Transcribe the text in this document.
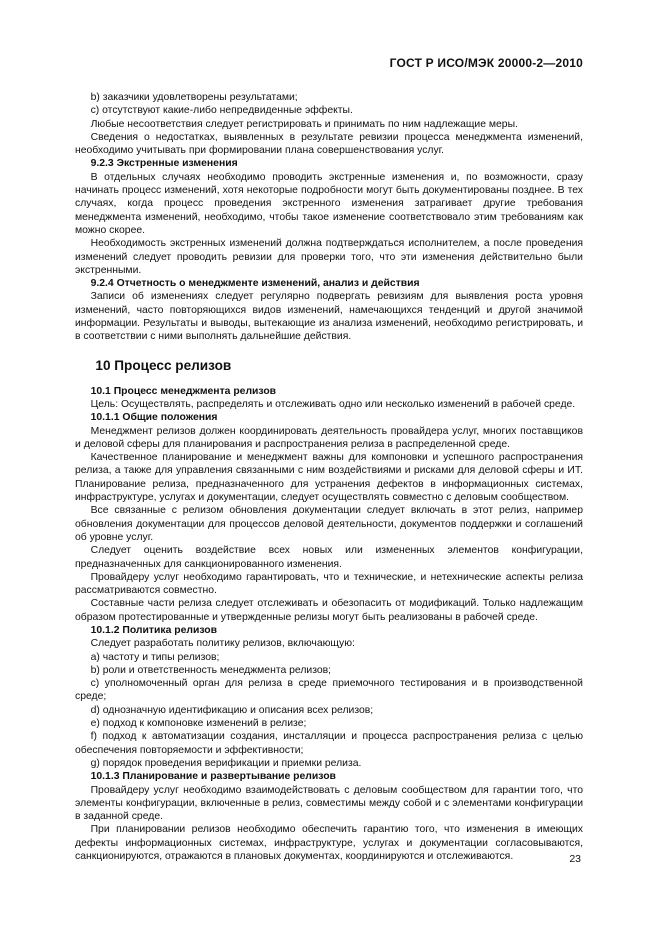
ГОСТ Р ИСО/МЭК 20000-2—2010

b) заказчики удовлетворены результатами;

c) отсутствуют какие-либо непредвиденные эффекты.

Любые несоответствия следует регистрировать и принимать по ним надлежащие меры.

Сведения о недостатках, выявленных в результате ревизии процесса менеджмента изменений, необходимо учитывать при формировании плана совершенствования услуг.

9.2.3 Экстренные изменения

В отдельных случаях необходимо проводить экстренные изменения и, по возможности, сразу начинать процесс изменений, хотя некоторые подробности могут быть документированы позднее. В тех случаях, когда процесс проведения экстренного изменения затрагивает другие требования менеджмента изменений, необходимо, чтобы такое изменение соответствовало этим требованиям как можно скорее.

Необходимость экстренных изменений должна подтверждаться исполнителем, а после проведения изменений следует проводить ревизии для проверки того, что эти изменения действительно были экстренными.

9.2.4 Отчетность о менеджменте изменений, анализ и действия

Записи об изменениях следует регулярно подвергать ревизиям для выявления роста уровня изменений, часто повторяющихся видов изменений, намечающихся тенденций и другой значимой информации. Результаты и выводы, вытекающие из анализа изменений, необходимо регистрировать, и в соответствии с ними выполнять дальнейшие действия.

10 Процесс релизов

10.1 Процесс менеджмента релизов

Цель: Осуществлять, распределять и отслеживать одно или несколько изменений в рабочей среде.

10.1.1 Общие положения

Менеджмент релизов должен координировать деятельность провайдера услуг, многих поставщиков и деловой сферы для планирования и распространения релиза в распределенной среде.

Качественное планирование и менеджмент важны для компоновки и успешного распространения релиза, а также для управления связанными с ним воздействиями и рисками для деловой сферы и ИТ. Планирование релиза, предназначенного для устранения дефектов в информационных системах, инфраструктуре, услугах и документации, следует осуществлять совместно с деловым сообществом.

Все связанные с релизом обновления документации следует включать в этот релиз, например обновления документации для процессов деловой деятельности, документов поддержки и соглашений об уровне услуг.

Следует оценить воздействие всех новых или измененных элементов конфигурации, предназначенных для санкционированного изменения.

Провайдеру услуг необходимо гарантировать, что и технические, и нетехнические аспекты релиза рассматриваются совместно.

Составные части релиза следует отслеживать и обезопасить от модификаций. Только надлежащим образом протестированные и утвержденные релизы могут быть реализованы в рабочей среде.

10.1.2 Политика релизов

Следует разработать политику релизов, включающую:

a) частоту и типы релизов;

b) роли и ответственность менеджмента релизов;

c) уполномоченный орган для релиза в среде приемочного тестирования и в производственной среде;

d) однозначную идентификацию и описания всех релизов;

e) подход к компоновке изменений в релизе;

f) подход к автоматизации создания, инсталляции и процесса распространения релиза с целью обеспечения повторяемости и эффективности;

g) порядок проведения верификации и приемки релиза.

10.1.3 Планирование и развертывание релизов

Провайдеру услуг необходимо взаимодействовать с деловым сообществом для гарантии того, что элементы конфигурации, включенные в релиз, совместимы между собой и с элементами конфигурации в заданной среде.

При планировании релизов необходимо обеспечить гарантию того, что изменения в имеющих дефекты информационных системах, инфраструктуре, услугах и документации согласовываются, санкционируются, отражаются в плановых документах, координируются и отслеживаются.	23
